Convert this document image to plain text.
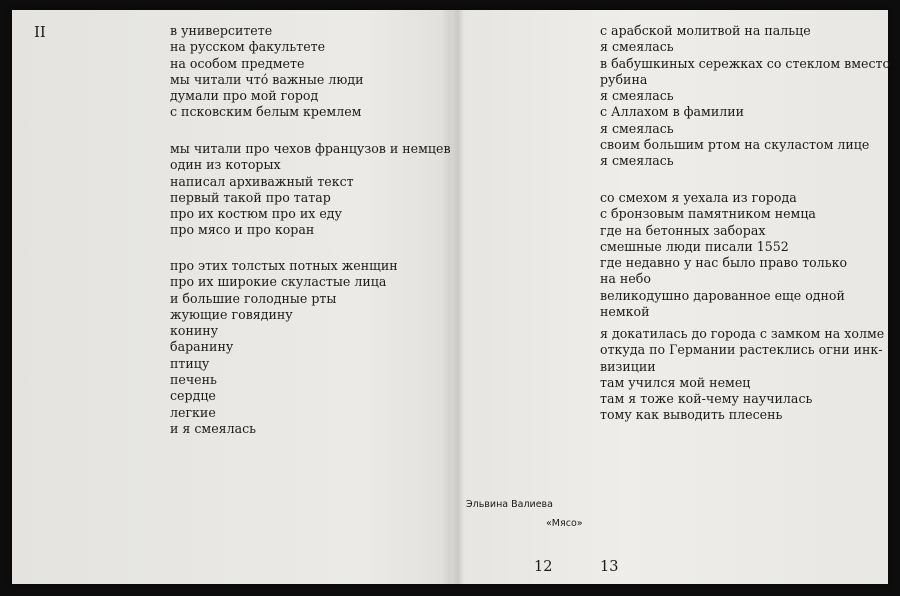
II	в университете
на русском факультете
на особом предмете
мы читали что́ важные люди
думали про мой город
с псковским белым кремлем
мы читали про чехов французов и немцев
один из которых
написал архиважный текст
первый такой про татар
про их костюм про их еду
про мясо и про коран
про этих толстых потных женщин
про их широкие скуластые лица
и большие голодные рты
жующие говядину
конину
баранину
птицу
печень
сердце
легкие
и я смеялась
12
с арабской молитвой на пальце
я смеялась
в бабушкиных сережках со стеклом вместо
рубина
я смеялась
с Аллахом в фамилии
я смеялась
своим большим ртом на скуластом лице
я смеялась
со смехом я уехала из города
с бронзовым памятником немца
где на бетонных заборах
смешные люди писали 1552
где недавно у нас было право только
на небо
великодушно дарованное еще одной
немкой
я докатилась до города с замком на холме
откуда по Германии растеклись огни инк-
визиции
там учился мой немец
там я тоже кой-чему научилась
тому как выводить плесень
13
Эльвина Валиева
«Мясо»
